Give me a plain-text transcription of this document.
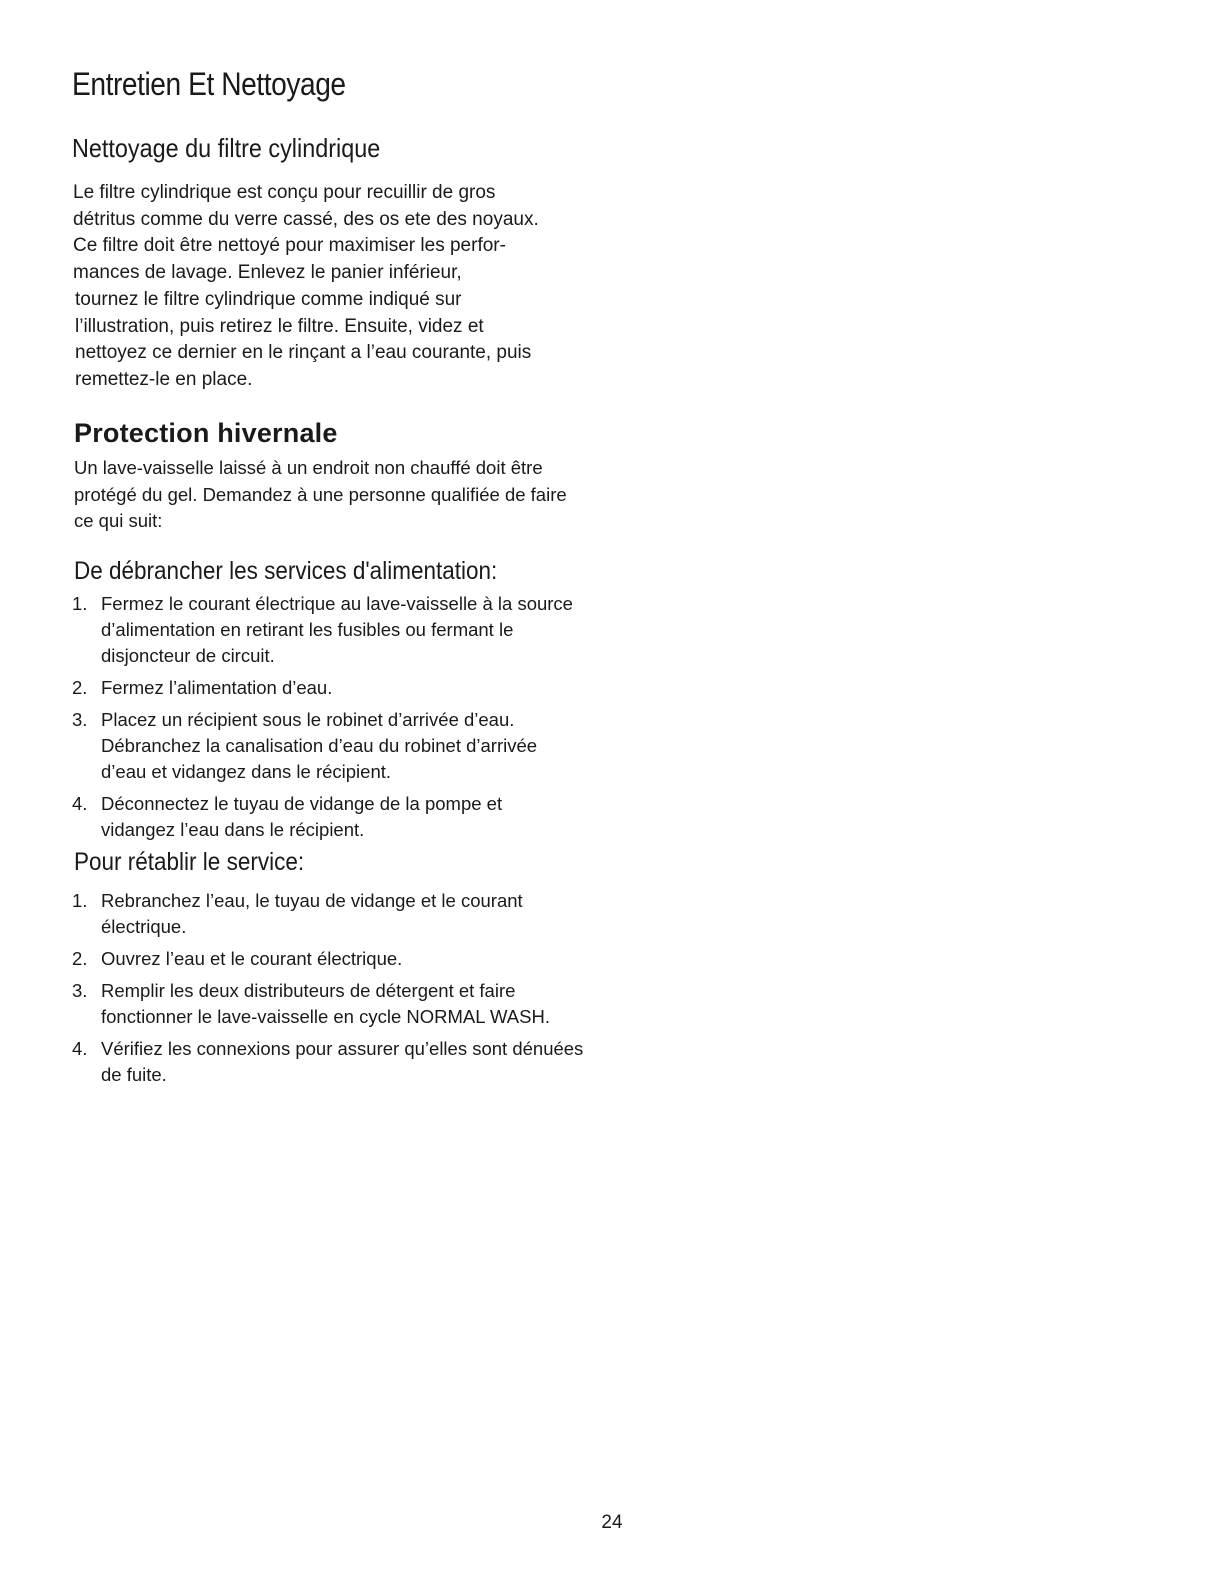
Entretien Et Nettoyage
Nettoyage du filtre cylindrique
Le filtre cylindrique est conçu pour recuillir de gros
détritus comme du verre cassé, des os ete des noyaux.
Ce filtre doit être nettoyé pour maximiser les perfor-
mances de lavage. Enlevez le panier inférieur,
tournez le filtre cylindrique comme indiqué sur
l’illustration, puis retirez le filtre. Ensuite, videz et
nettoyez ce dernier en le rinçant a l’eau courante, puis
remettez-le en place.
Protection hivernale
Un lave-vaisselle laissé à un endroit non chauffé doit être
protégé du gel. Demandez à une personne qualifiée de faire
ce qui suit:
De débrancher les services d'alimentation:
1. Fermez le courant électrique au lave-vaisselle à la source
d’alimentation en retirant les fusibles ou fermant le
disjoncteur de circuit.
2. Fermez l’alimentation d’eau.
3. Placez un récipient sous le robinet d’arrivée d’eau.
Débranchez la canalisation d’eau du robinet d’arrivée
d’eau et vidangez dans le récipient.
4. Déconnectez le tuyau de vidange de la pompe et
vidangez l’eau dans le récipient.
Pour rétablir le service:
1. Rebranchez l’eau, le tuyau de vidange et le courant
électrique.
2. Ouvrez l’eau et le courant électrique.
3. Remplir les deux distributeurs de détergent et faire
fonctionner le lave-vaisselle en cycle NORMAL WASH.
4. Vérifiez les connexions pour assurer qu’elles sont dénuées
de fuite.
24
